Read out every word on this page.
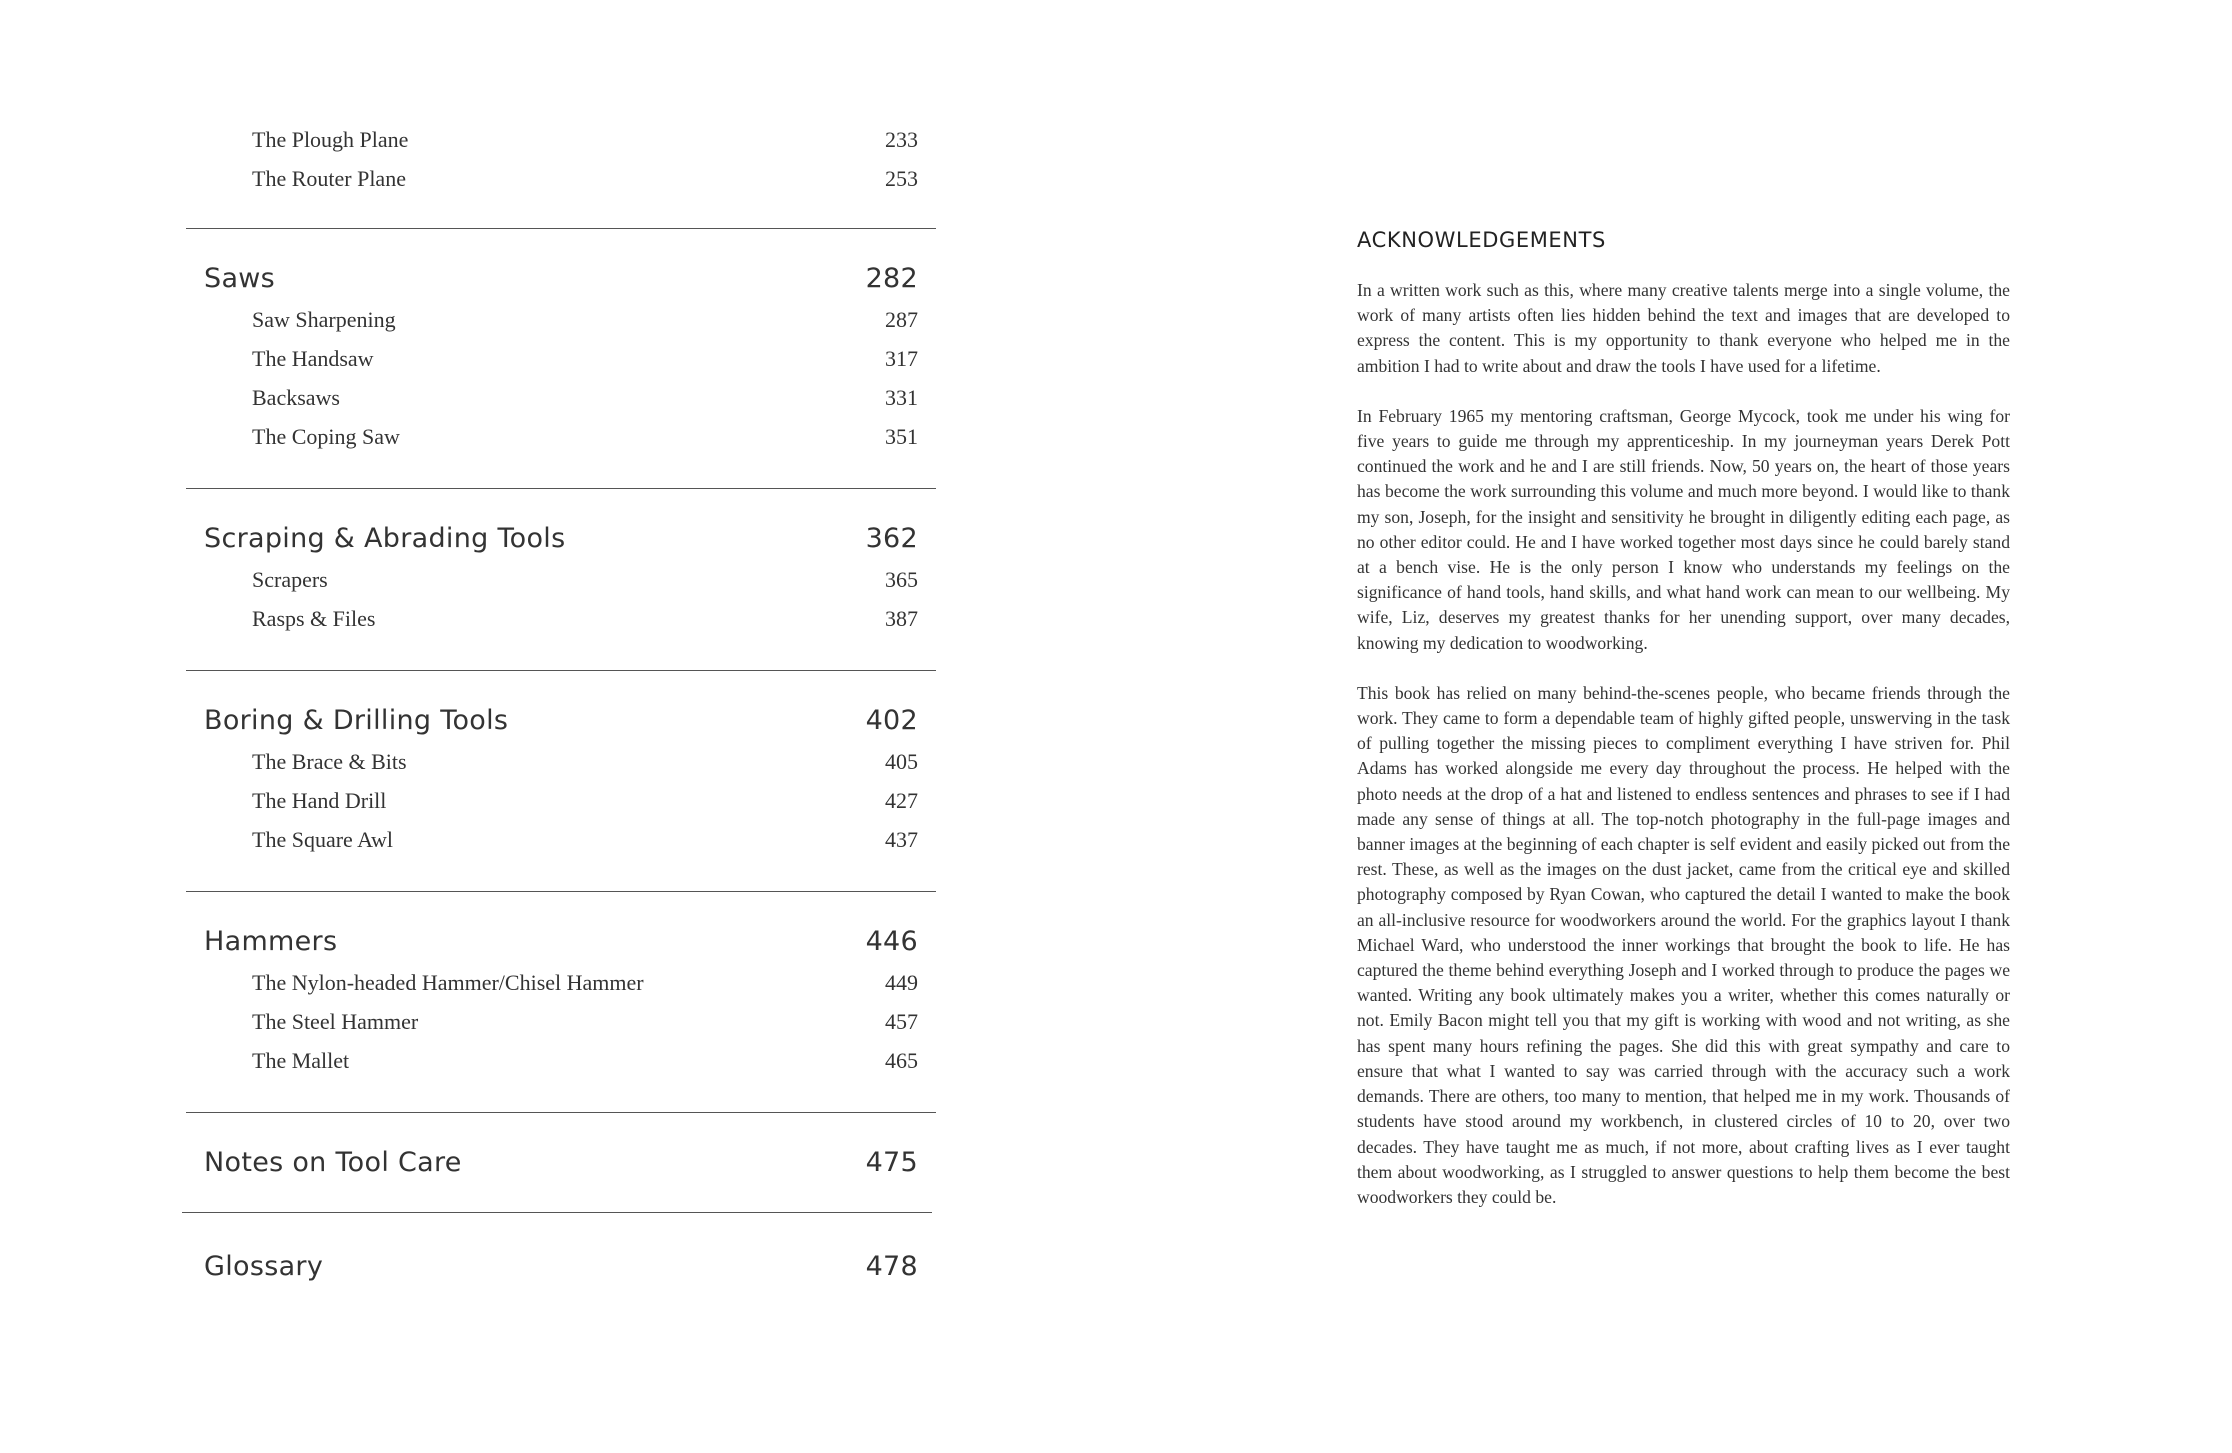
The Plough Plane	233
The Router Plane	253
Saws	282
Saw Sharpening	287
The Handsaw	317
Backsaws	331
The Coping Saw	351
Scraping & Abrading Tools	362
Scrapers	365
Rasps & Files	387
Boring & Drilling Tools	402
The Brace & Bits	405
The Hand Drill	427
The Square Awl	437
Hammers	446
The Nylon-headed Hammer/Chisel Hammer	449
The Steel Hammer	457
The Mallet	465
Notes on Tool Care	475
Glossary	478
ACKNOWLEDGEMENTS

In a written work such as this, where many creative talents merge into a single volume, the work of many artists often lies hidden behind the text and images that are developed to express the content. This is my opportunity to thank everyone who helped me in the ambition I had to write about and draw the tools I have used for a lifetime.

In February 1965 my mentoring craftsman, George Mycock, took me under his wing for five years to guide me through my apprenticeship. In my journeyman years Derek Pott continued the work and he and I are still friends. Now, 50 years on, the heart of those years has become the work surrounding this volume and much more beyond. I would like to thank my son, Joseph, for the insight and sensitivity he brought in diligently editing each page, as no other editor could. He and I have worked together most days since he could barely stand at a bench vise. He is the only person I know who understands my feelings on the significance of hand tools, hand skills, and what hand work can mean to our wellbeing. My wife, Liz, deserves my greatest thanks for her unending support, over many decades, knowing my dedication to woodworking.

This book has relied on many behind-the-scenes people, who became friends through the work. They came to form a dependable team of highly gifted people, unswerving in the task of pulling together the missing pieces to compliment everything I have striven for. Phil Adams has worked alongside me every day throughout the process. He helped with the photo needs at the drop of a hat and listened to endless sentences and phrases to see if I had made any sense of things at all. The top-notch photography in the full-page images and banner images at the beginning of each chapter is self evident and easily picked out from the rest. These, as well as the images on the dust jacket, came from the critical eye and skilled photography composed by Ryan Cowan, who captured the detail I wanted to make the book an all-inclusive resource for woodworkers around the world. For the graphics layout I thank Michael Ward, who understood the inner workings that brought the book to life. He has captured the theme behind everything Joseph and I worked through to produce the pages we wanted. Writing any book ultimately makes you a writer, whether this comes naturally or not. Emily Bacon might tell you that my gift is working with wood and not writing, as she has spent many hours refining the pages. She did this with great sympathy and care to ensure that what I wanted to say was carried through with the accuracy such a work demands. There are others, too many to mention, that helped me in my work. Thousands of students have stood around my workbench, in clustered circles of 10 to 20, over two decades. They have taught me as much, if not more, about crafting lives as I ever taught them about woodworking, as I struggled to answer questions to help them become the best woodworkers they could be.
